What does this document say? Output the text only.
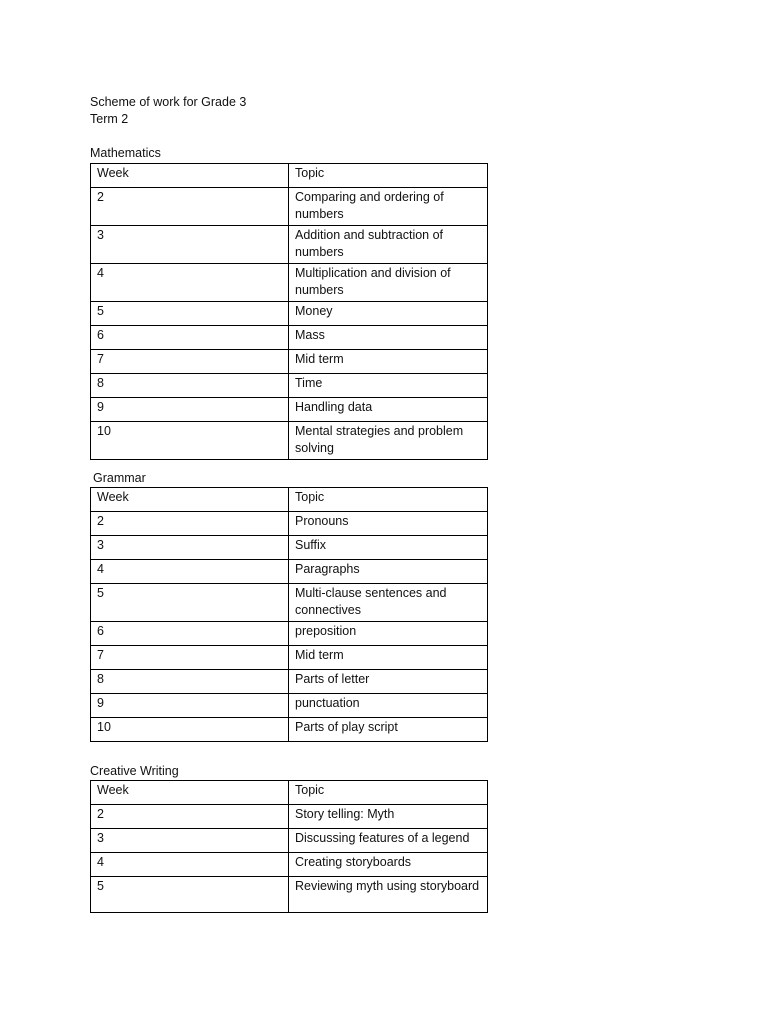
Scheme of work for Grade 3
Term 2
Mathematics
Week	Topic
2	Comparing and ordering of numbers
3	Addition and subtraction of numbers
4	Multiplication and division of numbers
5	Money
6	Mass
7	Mid term
8	Time
9	Handling data
10	Mental strategies and problem solving
Grammar
Week	Topic
2	Pronouns
3	Suffix
4	Paragraphs
5	Multi-clause sentences and connectives
6	preposition
7	Mid term
8	Parts of letter
9	punctuation
10	Parts of play script
Creative Writing
Week	Topic
2	Story telling: Myth
3	Discussing features of a legend
4	Creating storyboards
5	Reviewing myth using storyboard
